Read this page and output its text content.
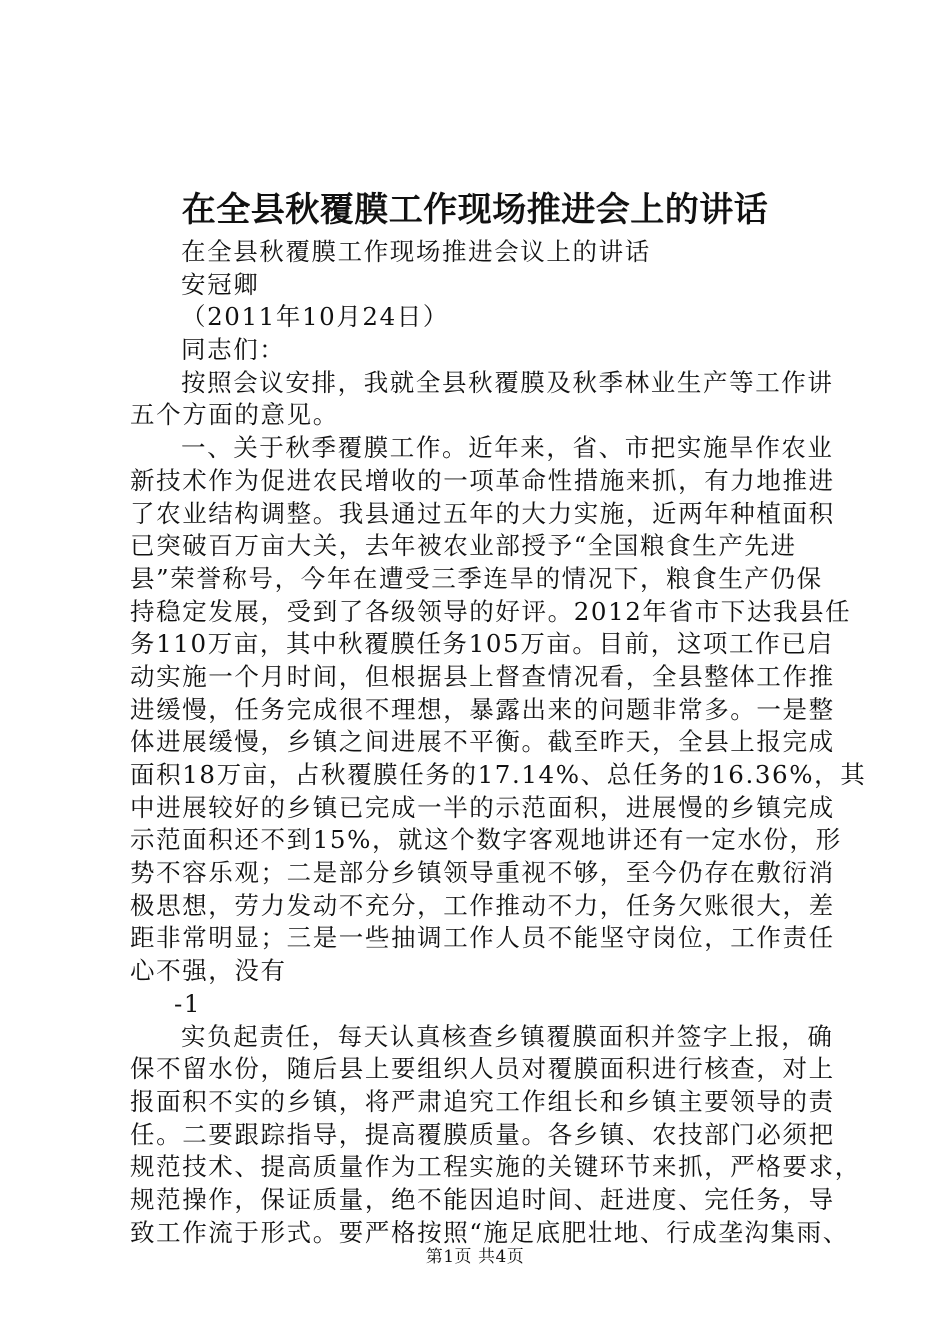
在全县秋覆膜工作现场推进会上的讲话
在全县秋覆膜工作现场推进会议上的讲话
安冠卿
（2011年10月24日）
同志们：
按照会议安排，我就全县秋覆膜及秋季林业生产等工作讲
五个方面的意见。
一、关于秋季覆膜工作。近年来，省、市把实施旱作农业
新技术作为促进农民增收的一项革命性措施来抓，有力地推进
了农业结构调整。我县通过五年的大力实施，近两年种植面积
已突破百万亩大关，去年被农业部授予“全国粮食生产先进
县”荣誉称号，今年在遭受三季连旱的情况下，粮食生产仍保
持稳定发展，受到了各级领导的好评。2012年省市下达我县任
务110万亩，其中秋覆膜任务105万亩。目前，这项工作已启
动实施一个月时间，但根据县上督查情况看，全县整体工作推
进缓慢，任务完成很不理想，暴露出来的问题非常多。一是整
体进展缓慢，乡镇之间进展不平衡。截至昨天，全县上报完成
面积18万亩，占秋覆膜任务的17.14%、总任务的16.36%，其
中进展较好的乡镇已完成一半的示范面积，进展慢的乡镇完成
示范面积还不到15%，就这个数字客观地讲还有一定水份，形
势不容乐观；二是部分乡镇领导重视不够，至今仍存在敷衍消
极思想，劳力发动不充分，工作推动不力，任务欠账很大，差
距非常明显；三是一些抽调工作人员不能坚守岗位，工作责任
心不强，没有
-1
实负起责任，每天认真核查乡镇覆膜面积并签字上报，确
保不留水份，随后县上要组织人员对覆膜面积进行核查，对上
报面积不实的乡镇，将严肃追究工作组长和乡镇主要领导的责
任。二要跟踪指导，提高覆膜质量。各乡镇、农技部门必须把
规范技术、提高质量作为工程实施的关键环节来抓，严格要求，
规范操作，保证质量，绝不能因追时间、赶进度、完任务，导
致工作流于形式。要严格按照“施足底肥壮地、行成垄沟集雨、
第1页 共4页
